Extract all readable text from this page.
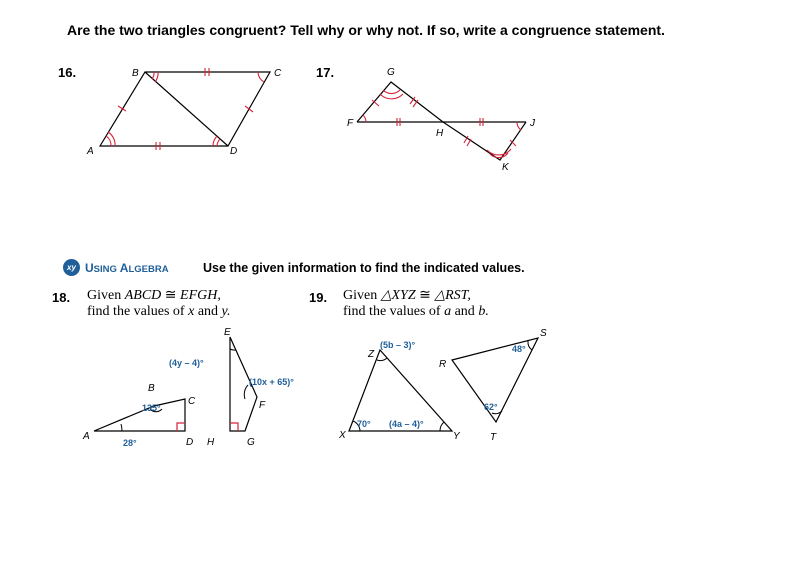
Are the two triangles congruent? Tell why or why not. If so, write a congruence statement.
16.
A
B	C
D
17.	G
F
H
J
K
xy USING ALGEBRA	Use the given information to find the indicated values.
18. Given ABCD ≅ EFGH,
find the values of x and y.
A
B
C
D
E
F
G
H
135°
28°
(4y – 4)°
(10x + 65)°
19. Given △XYZ ≅ △RST,
find the values of a and b.
X	Y
Z
R
S
T
(5b – 3)°
70° (4a – 4)°
48°
62°
